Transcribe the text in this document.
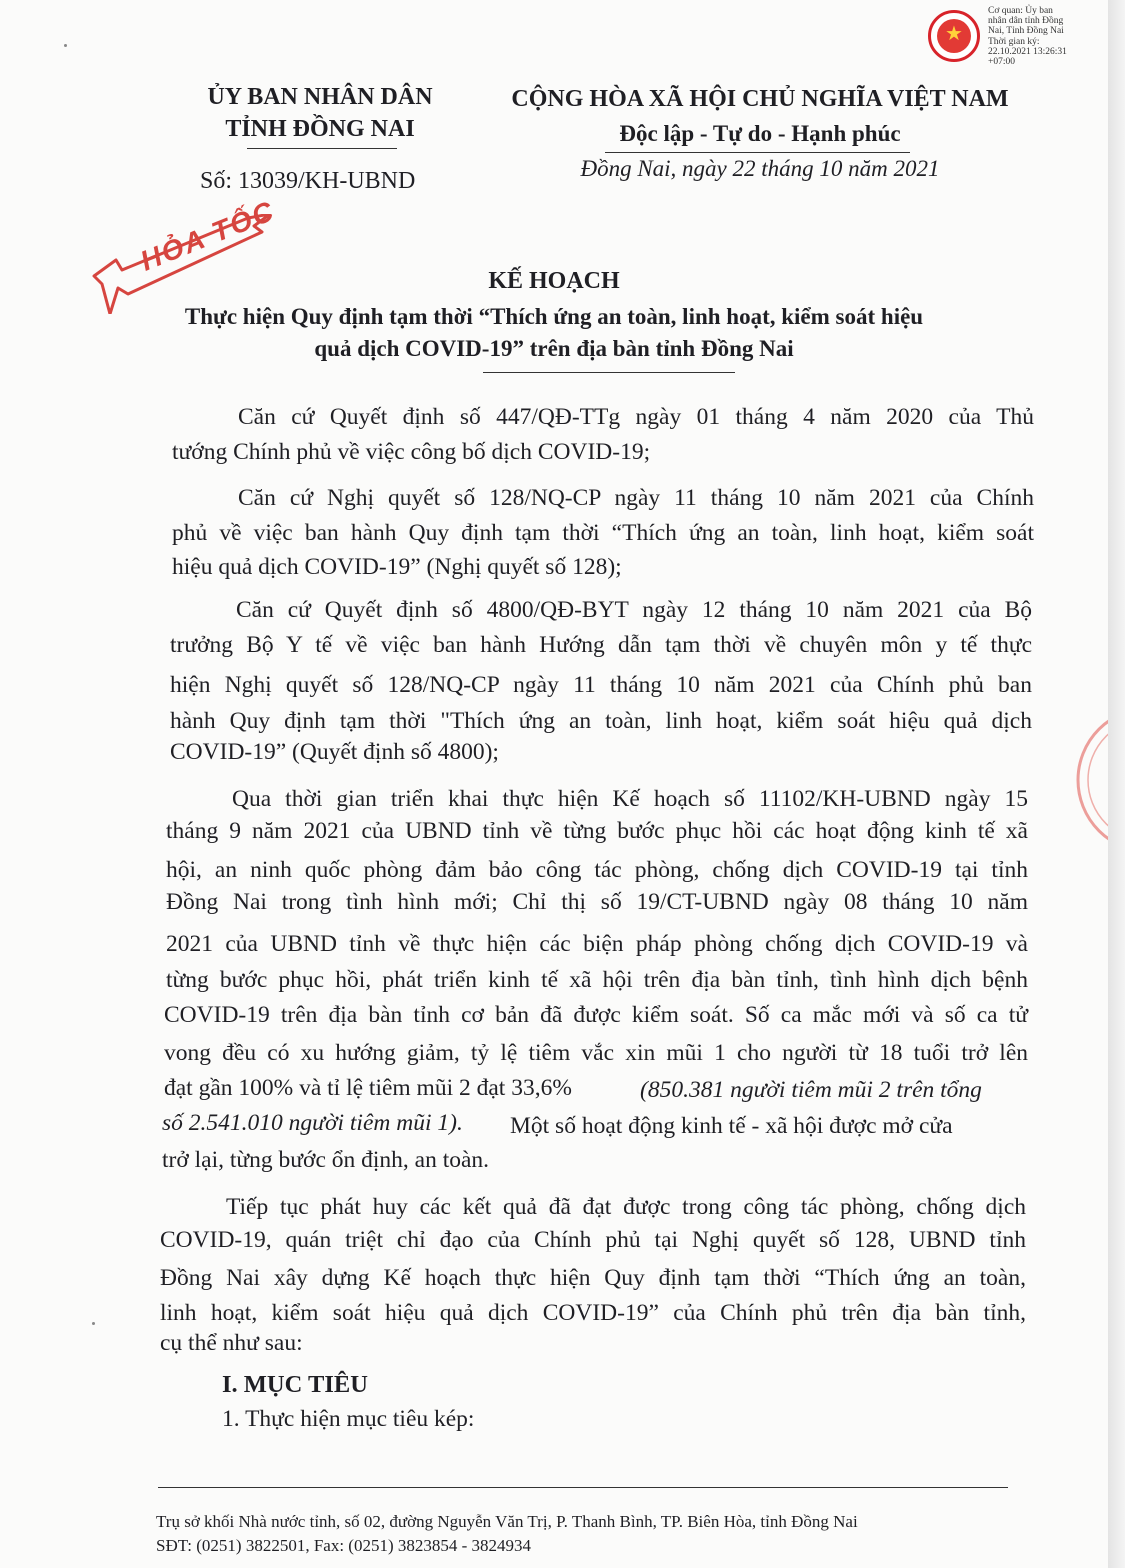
★
Cơ quan: Ủy ban
nhân dân tỉnh Đồng
Nai, Tỉnh Đồng Nai
Thời gian ký:
22.10.2021 13:26:31
+07:00
ỦY BAN NHÂN DÂN
TỈNH ĐỒNG NAI
Số: 13039/KH-UBND
CỘNG HÒA XÃ HỘI CHỦ NGHĨA VIỆT NAM
Độc lập - Tự do - Hạnh phúc
Đồng Nai, ngày 22 tháng 10 năm 2021
HỎA TỐC
KẾ HOẠCH
Thực hiện Quy định tạm thời “Thích ứng an toàn, linh hoạt, kiểm soát hiệu
quả dịch COVID-19” trên địa bàn tỉnh Đồng Nai
Căn cứ Quyết định số 447/QĐ-TTg ngày 01 tháng 4 năm 2020 của Thủ
tướng Chính phủ về việc công bố dịch COVID-19;
Căn cứ Nghị quyết số 128/NQ-CP ngày 11 tháng 10 năm 2021 của Chính
phủ về việc ban hành Quy định tạm thời “Thích ứng an toàn, linh hoạt, kiểm soát
hiệu quả dịch COVID-19” (Nghị quyết số 128);
Căn cứ Quyết định số 4800/QĐ-BYT ngày 12 tháng 10 năm 2021 của Bộ
trưởng Bộ Y tế về việc ban hành Hướng dẫn tạm thời về chuyên môn y tế thực
hiện Nghị quyết số 128/NQ-CP ngày 11 tháng 10 năm 2021 của Chính phủ ban
hành Quy định tạm thời "Thích ứng an toàn, linh hoạt, kiểm soát hiệu quả dịch
COVID-19” (Quyết định số 4800);
Qua thời gian triển khai thực hiện Kế hoạch số 11102/KH-UBND ngày 15
tháng 9 năm 2021 của UBND tỉnh về từng bước phục hồi các hoạt động kinh tế xã
hội, an ninh quốc phòng đảm bảo công tác phòng, chống dịch COVID-19 tại tỉnh
Đồng Nai trong tình hình mới; Chỉ thị số 19/CT-UBND ngày 08 tháng 10 năm
2021 của UBND tỉnh về thực hiện các biện pháp phòng chống dịch COVID-19 và
từng bước phục hồi, phát triển kinh tế xã hội trên địa bàn tỉnh, tình hình dịch bệnh
COVID-19 trên địa bàn tỉnh cơ bản đã được kiểm soát. Số ca mắc mới và số ca tử
vong đều có xu hướng giảm, tỷ lệ tiêm vắc xin mũi 1 cho người từ 18 tuổi trở lên
đạt gần 100% và tỉ lệ tiêm mũi 2 đạt 33,6%	(850.381 người tiêm mũi 2 trên tổng
số 2.541.010 người tiêm mũi 1). Một số hoạt động kinh tế - xã hội được mở cửa
trở lại, từng bước ổn định, an toàn.
Tiếp tục phát huy các kết quả đã đạt được trong công tác phòng, chống dịch
COVID-19, quán triệt chỉ đạo của Chính phủ tại Nghị quyết số 128, UBND tỉnh
Đồng Nai xây dựng Kế hoạch thực hiện Quy định tạm thời “Thích ứng an toàn,
linh hoạt, kiểm soát hiệu quả dịch COVID-19” của Chính phủ trên địa bàn tỉnh,
cụ thể như sau:
I. MỤC TIÊU
1. Thực hiện mục tiêu kép:
Trụ sở khối Nhà nước tỉnh, số 02, đường Nguyễn Văn Trị, P. Thanh Bình, TP. Biên Hòa, tỉnh Đồng Nai
SĐT: (0251) 3822501, Fax: (0251) 3823854 - 3824934
